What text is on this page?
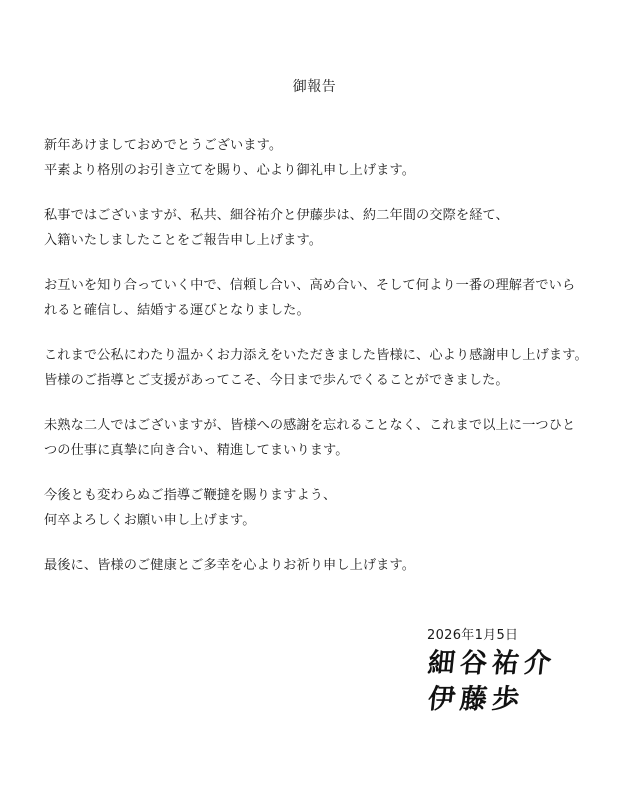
御報告

新年あけましておめでとうございます。
平素より格別のお引き立てを賜り、心より御礼申し上げます。

私事ではございますが、私共、細谷祐介と伊藤歩は、約二年間の交際を経て、
入籍いたしましたことをご報告申し上げます。

お互いを知り合っていく中で、信頼し合い、高め合い、そして何より一番の理解者でいら
れると確信し、結婚する運びとなりました。

これまで公私にわたり温かくお力添えをいただきました皆様に、心より感謝申し上げます。
皆様のご指導とご支援があってこそ、今日まで歩んでくることができました。

未熟な二人ではございますが、皆様への感謝を忘れることなく、これまで以上に一つひと
つの仕事に真摯に向き合い、精進してまいります。

今後とも変わらぬご指導ご鞭撻を賜りますよう、
何卒よろしくお願い申し上げます。

最後に、皆様のご健康とご多幸を心よりお祈り申し上げます。

2026年1月5日
細谷祐介
伊藤歩
